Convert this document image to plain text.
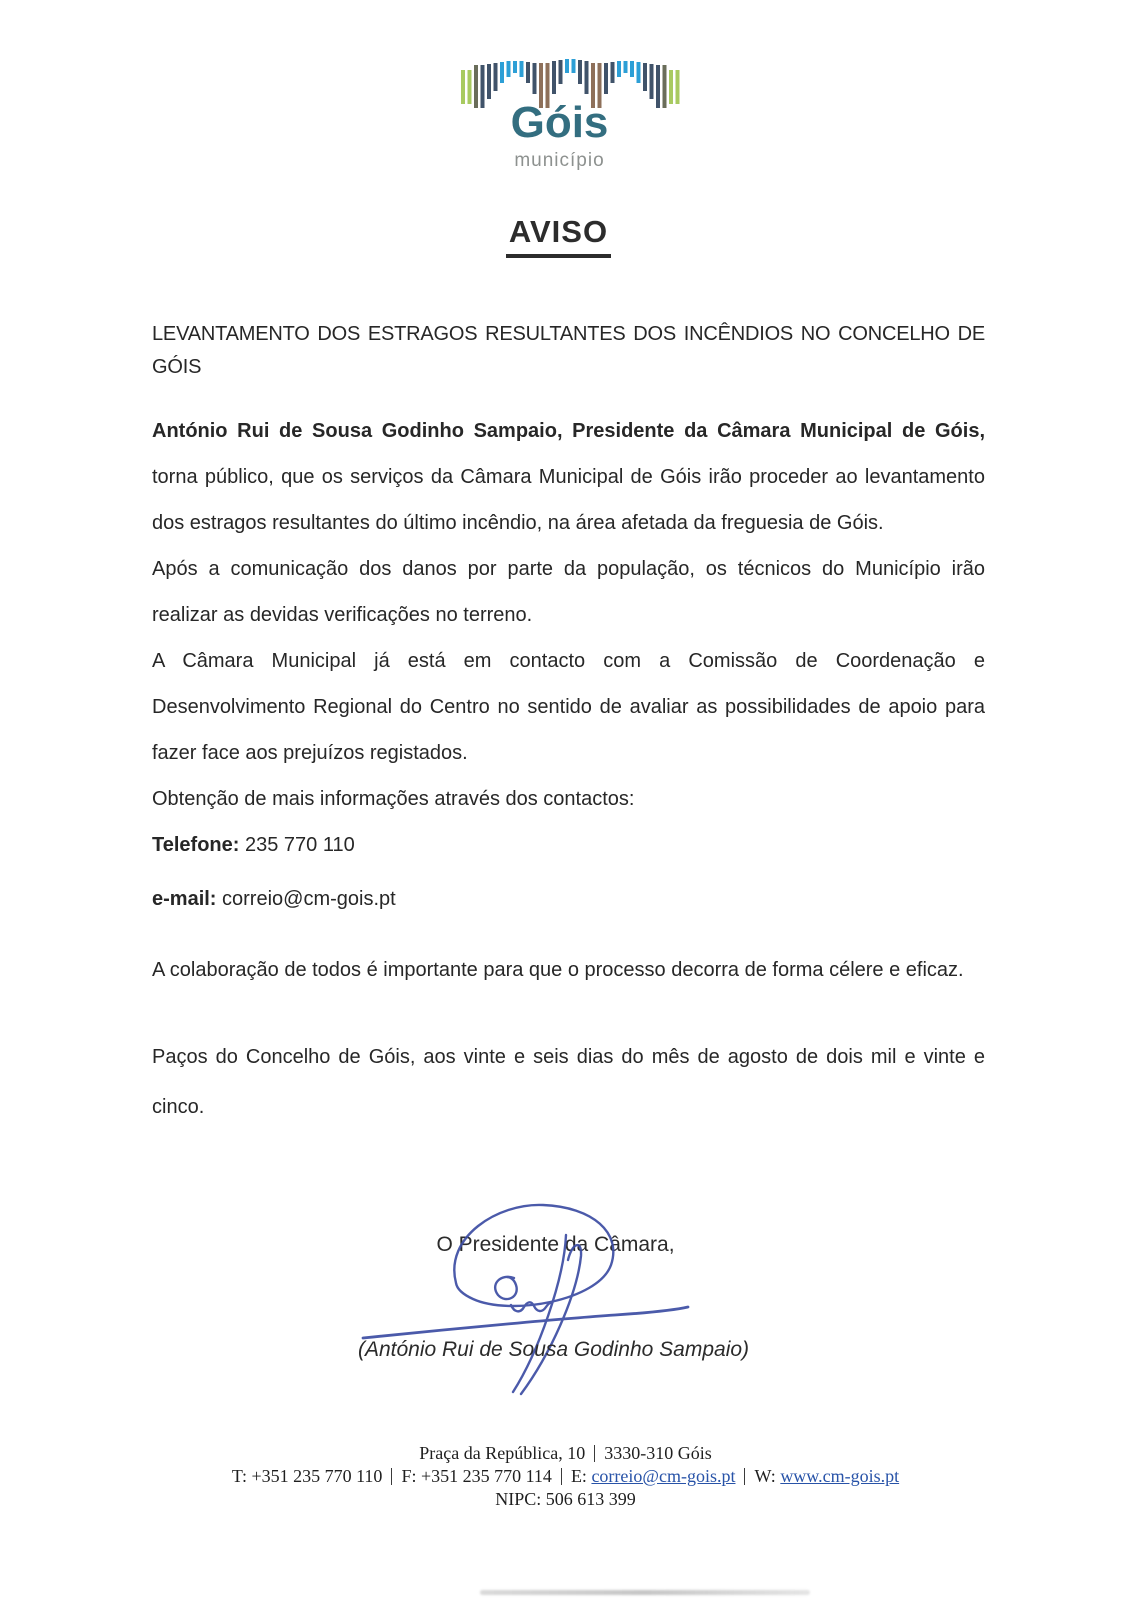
Góis
município
AVISO

LEVANTAMENTO DOS ESTRAGOS RESULTANTES DOS INCÊNDIOS NO CONCELHO DE GÓIS

António Rui de Sousa Godinho Sampaio, Presidente da Câmara Municipal de Góis, torna público, que os serviços da Câmara Municipal de Góis irão proceder ao levantamento dos estragos resultantes do último incêndio, na área afetada da freguesia de Góis.

Após a comunicação dos danos por parte da população, os técnicos do Município irão realizar as devidas verificações no terreno.

A Câmara Municipal já está em contacto com a Comissão de Coordenação e Desenvolvimento Regional do Centro no sentido de avaliar as possibilidades de apoio para fazer face aos prejuízos registados.

Obtenção de mais informações através dos contactos:

Telefone: 235 770 110

e-mail: correio@cm-gois.pt

A colaboração de todos é importante para que o processo decorra de forma célere e eficaz.

Paços do Concelho de Góis, aos vinte e seis dias do mês de agosto de dois mil e vinte e cinco.

O Presidente da Câmara,
(António Rui de Sousa Godinho Sampaio)
Praça da República, 10 3330-310 Góis
T: +351 235 770 110 F: +351 235 770 114 E: correio@cm-gois.pt W: www.cm-gois.pt
NIPC: 506 613 399
